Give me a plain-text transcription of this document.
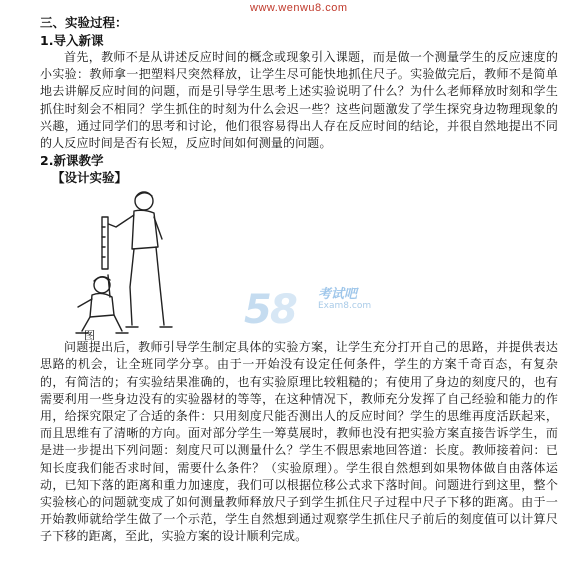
www.wenwu8.com
三、实验过程：
1.导入新课

首先，教师不是从讲述反应时间的概念或现象引入课题，而是做一个测量学生的反应速度的小实验：教师拿一把塑料尺突然释放，让学生尽可能快地抓住尺子。实验做完后，教师不是简单地去讲解反应时间的问题，而是引导学生思考上述实验说明了什么？为什么老师释放时刻和学生抓住时刻会不相同？学生抓住的时刻为什么会迟一些？这些问题激发了学生探究身边物理现象的兴趣，通过同学们的思考和讨论，他们很容易得出人存在反应时间的结论，并很自然地提出不同的人反应时间是否有长短，反应时间如何测量的问题。

2.新课教学
【设计实验】
图
5
8 考试吧
Exam8.com

问题提出后，教师引导学生制定具体的实验方案，让学生充分打开自己的思路，并提供表达思路的机会，让全班同学分享。由于一开始没有设定任何条件，学生的方案千奇百态，有复杂的，有简洁的；有实验结果准确的，也有实验原理比较粗糙的；有使用了身边的刻度尺的，也有需要利用一些身边没有的实验器材的等等，在这种情况下，教师充分发挥了自己经验和能力的作用，给探究限定了合适的条件：只用刻度尺能否测出人的反应时间？学生的思维再度活跃起来，而且思维有了清晰的方向。面对部分学生一筹莫展时，教师也没有把实验方案直接告诉学生，而是进一步提出下列问题：刻度尺可以测量什么？学生不假思索地回答道：长度。教师接着问：已知长度我们能否求时间，需要什么条件？（实验原理）。学生很自然想到如果物体做自由落体运动，已知下落的距离和重力加速度，我们可以根据位移公式求下落时间。问题进行到这里，整个实验核心的问题就变成了如何测量教师释放尺子到学生抓住尺子过程中尺子下移的距离。由于一开始教师就给学生做了一个示范，学生自然想到通过观察学生抓住尺子前后的刻度值可以计算尺子下移的距离，至此，实验方案的设计顺利完成。
